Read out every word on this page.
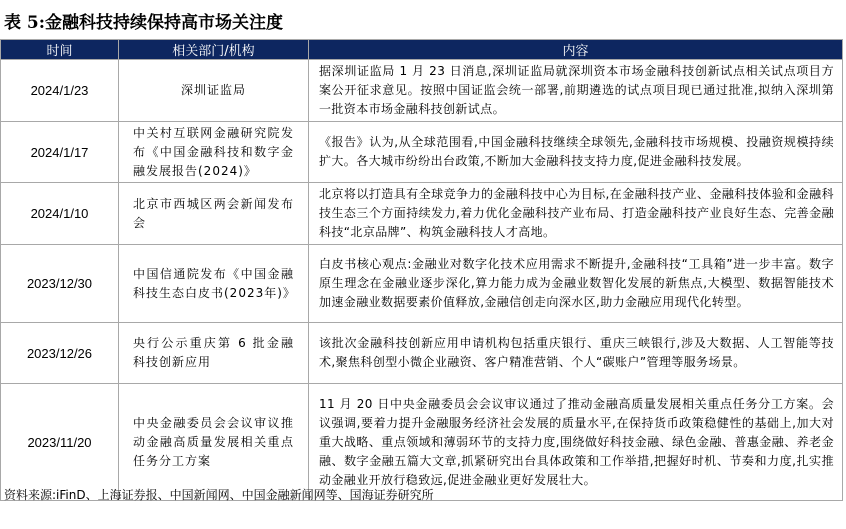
表 5:金融科技持续保持高市场关注度
时间	相关部门/机构	内容
2024/1/23	深圳证监局	据深圳证监局 1 月 23 日消息,深圳证监局就深圳资本市场金融科技创新试点相关试点项目方案公开征求意见。按照中国证监会统一部署,前期遴选的试点项目现已通过批准,拟纳入深圳第一批资本市场金融科技创新试点。
2024/1/17	中关村互联网金融研究院发布《中国金融科技和数字金融发展报告(2024)》	《报告》认为,从全球范围看,中国金融科技继续全球领先,金融科技市场规模、投融资规模持续扩大。各大城市纷纷出台政策,不断加大金融科技支持力度,促进金融科技发展。
2024/1/10	北京市西城区两会新闻发布会	北京将以打造具有全球竞争力的金融科技中心为目标,在金融科技产业、金融科技体验和金融科技生态三个方面持续发力,着力优化金融科技产业布局、打造金融科技产业良好生态、完善金融科技“北京品牌”、构筑金融科技人才高地。
2023/12/30	中国信通院发布《中国金融科技生态白皮书(2023年)》	白皮书核心观点:金融业对数字化技术应用需求不断提升,金融科技“工具箱”进一步丰富。数字原生理念在金融业逐步深化,算力能力成为金融业数智化发展的新焦点,大模型、数据智能技术加速金融业数据要素价值释放,金融信创走向深水区,助力金融应用现代化转型。
2023/12/26	央行公示重庆第 6 批金融科技创新应用	该批次金融科技创新应用申请机构包括重庆银行、重庆三峡银行,涉及大数据、人工智能等技术,聚焦科创型小微企业融资、客户精准营销、个人“碳账户”管理等服务场景。
2023/11/20	中央金融委员会会议审议推动金融高质量发展相关重点任务分工方案	11 月 20 日中央金融委员会会议审议通过了推动金融高质量发展相关重点任务分工方案。会议强调,要着力提升金融服务经济社会发展的质量水平,在保持货币政策稳健性的基础上,加大对重大战略、重点领域和薄弱环节的支持力度,围绕做好科技金融、绿色金融、普惠金融、养老金融、数字金融五篇大文章,抓紧研究出台具体政策和工作举措,把握好时机、节奏和力度,扎实推动金融业开放行稳致远,促进金融业更好发展壮大。
资料来源:iFinD、上海证券报、中国新闻网、中国金融新闻网等、国海证券研究所
